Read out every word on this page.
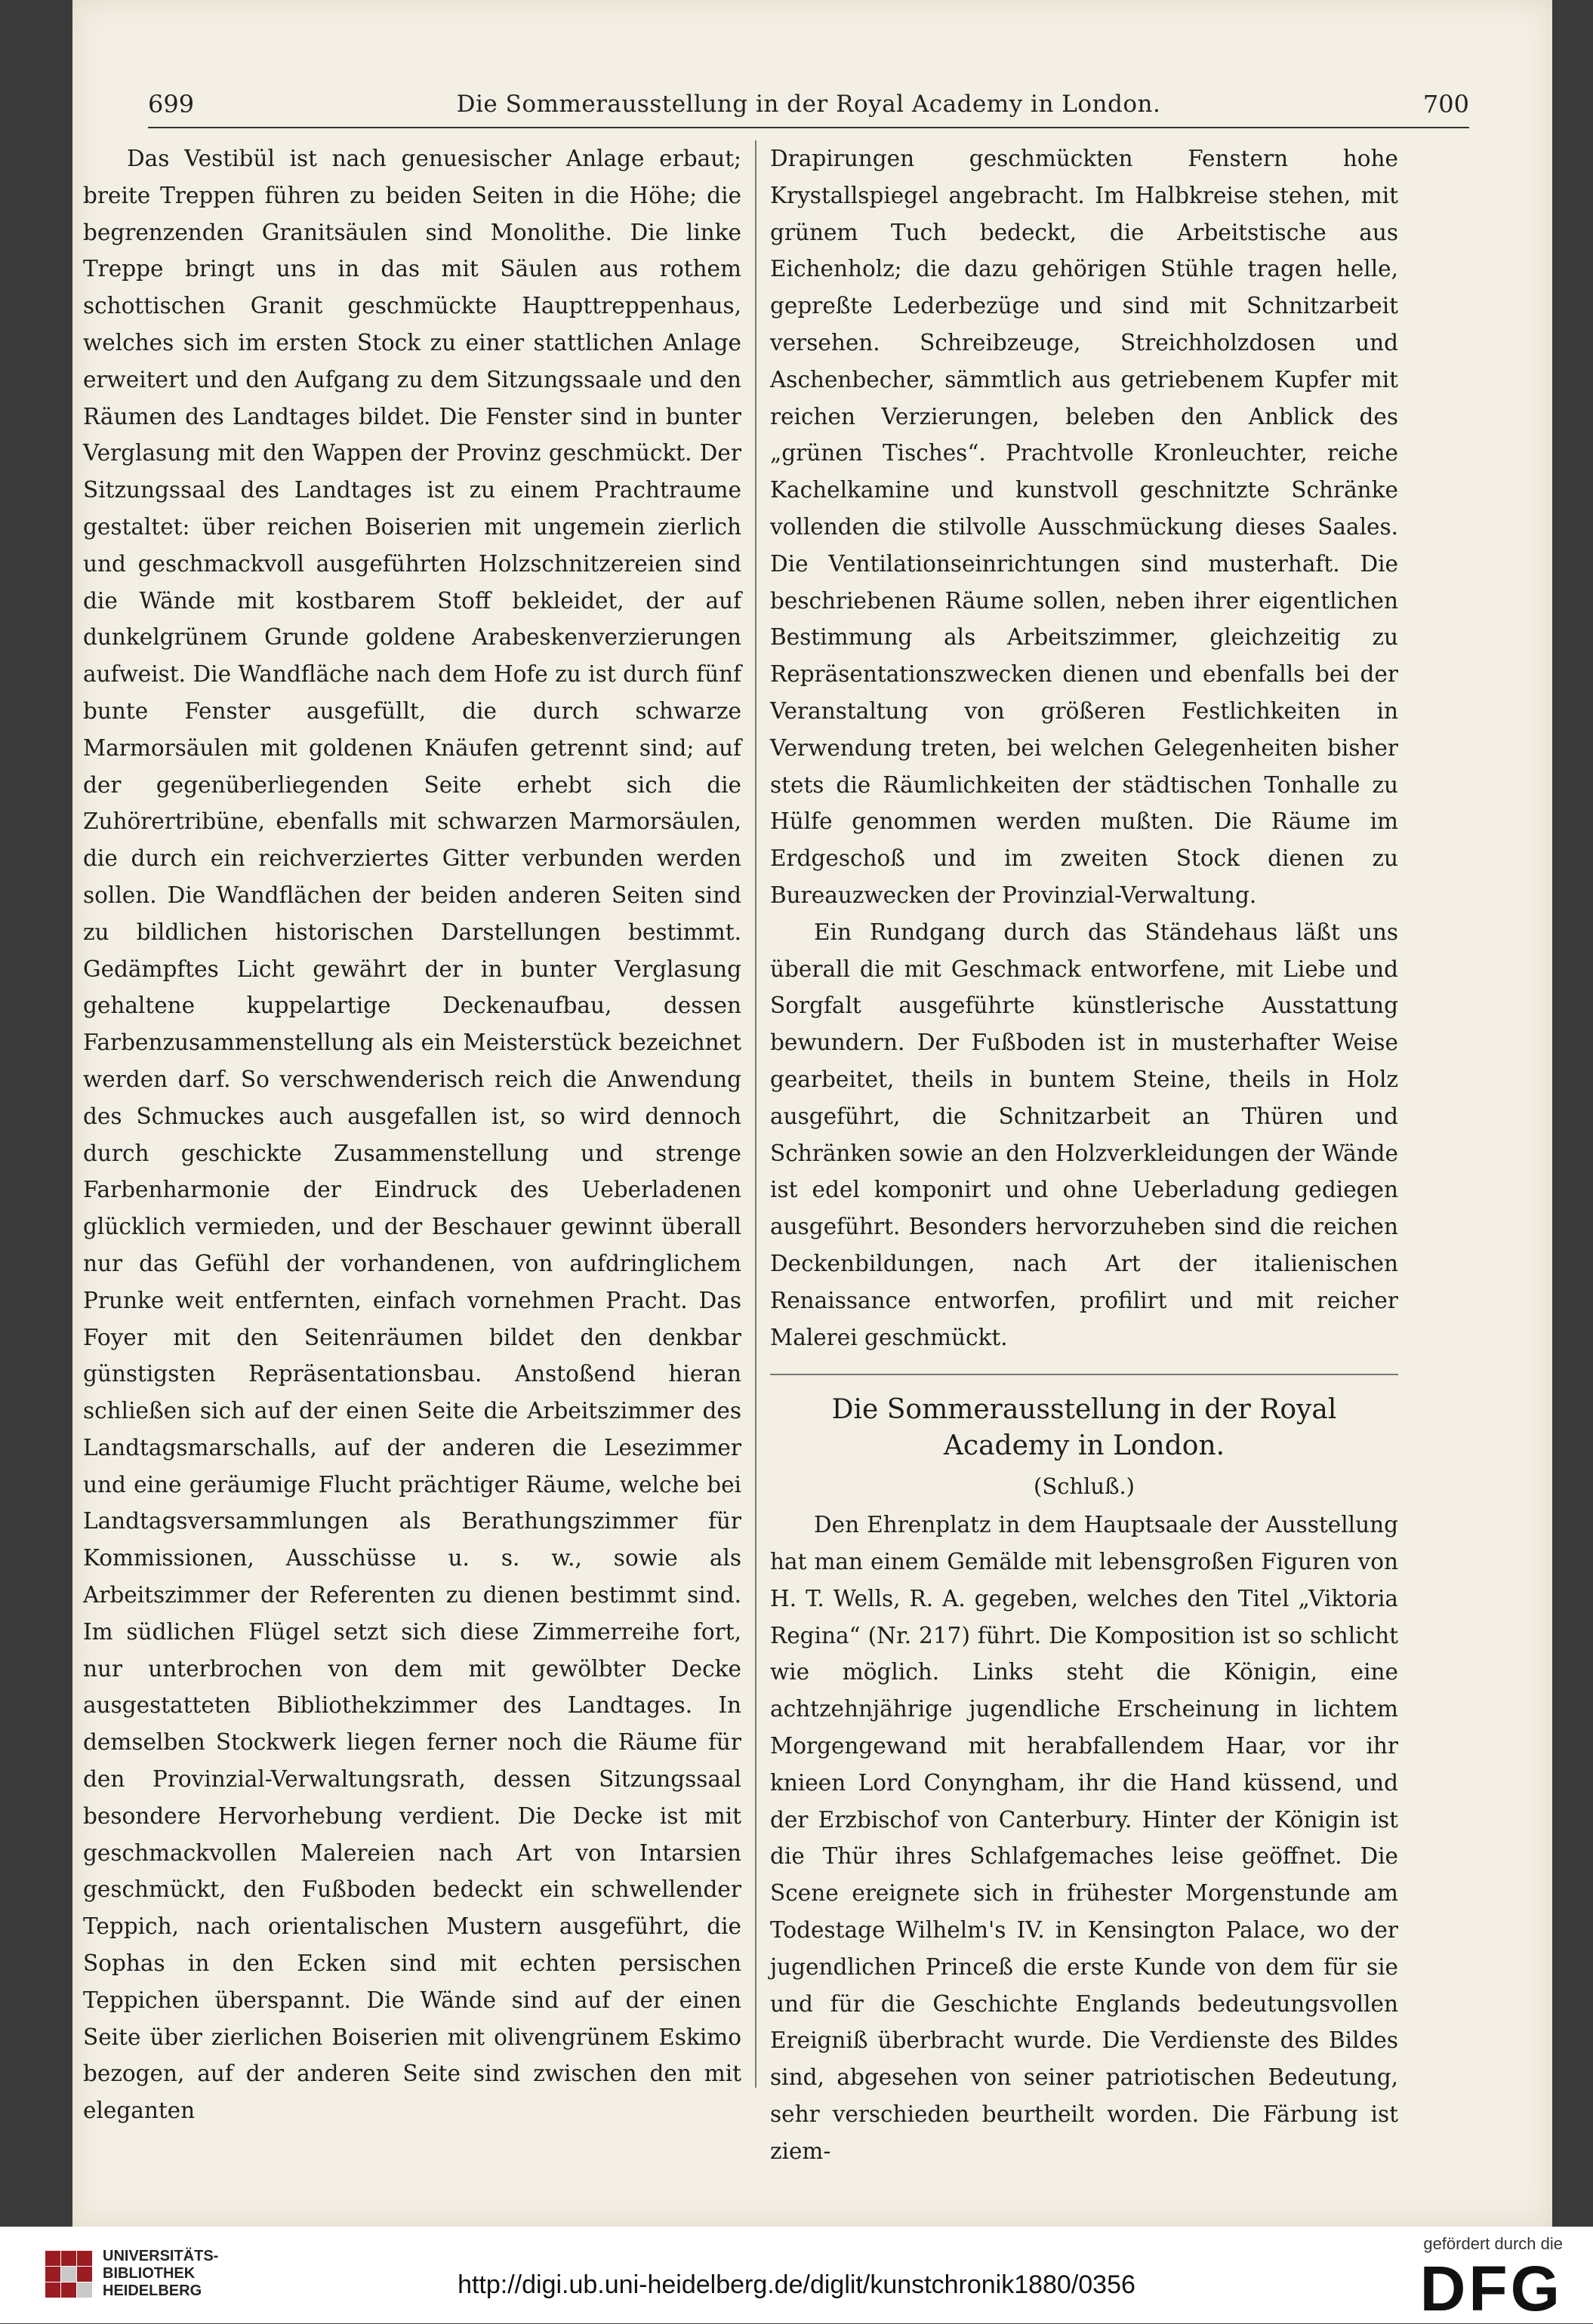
699	Die Sommerausstellung in der Royal Academy in London.	700

Das Vestibül ist nach genuesischer Anlage erbaut; breite Treppen führen zu beiden Seiten in die Höhe; die begrenzenden Granitsäulen sind Monolithe. Die linke Treppe bringt uns in das mit Säulen aus rothem schottischen Granit geschmückte Haupttreppenhaus, welches sich im ersten Stock zu einer stattlichen Anlage erweitert und den Aufgang zu dem Sitzungssaale und den Räumen des Landtages bildet. Die Fenster sind in bunter Verglasung mit den Wappen der Provinz geschmückt. Der Sitzungssaal des Landtages ist zu einem Prachtraume gestaltet: über reichen Boiserien mit ungemein zierlich und geschmackvoll ausgeführten Holzschnitzereien sind die Wände mit kostbarem Stoff bekleidet, der auf dunkelgrünem Grunde goldene Arabeskenverzierungen aufweist. Die Wandfläche nach dem Hofe zu ist durch fünf bunte Fenster ausgefüllt, die durch schwarze Marmorsäulen mit goldenen Knäufen getrennt sind; auf der gegenüberliegenden Seite erhebt sich die Zuhörertribüne, ebenfalls mit schwarzen Marmorsäulen, die durch ein reichverziertes Gitter verbunden werden sollen. Die Wandflächen der beiden anderen Seiten sind zu bildlichen historischen Darstellungen bestimmt. Gedämpftes Licht gewährt der in bunter Verglasung gehaltene kuppelartige Deckenaufbau, dessen Farbenzusammenstellung als ein Meisterstück bezeichnet werden darf. So verschwenderisch reich die Anwendung des Schmuckes auch ausgefallen ist, so wird dennoch durch geschickte Zusammenstellung und strenge Farbenharmonie der Eindruck des Ueberladenen glücklich vermieden, und der Beschauer gewinnt überall nur das Gefühl der vorhandenen, von aufdringlichem Prunke weit entfernten, einfach vornehmen Pracht. Das Foyer mit den Seitenräumen bildet den denkbar günstigsten Repräsentationsbau. Anstoßend hieran schließen sich auf der einen Seite die Arbeitszimmer des Landtagsmarschalls, auf der anderen die Lesezimmer und eine geräumige Flucht prächtiger Räume, welche bei Landtagsversammlungen als Berathungszimmer für Kommissionen, Ausschüsse u. s. w., sowie als Arbeitszimmer der Referenten zu dienen bestimmt sind. Im südlichen Flügel setzt sich diese Zimmerreihe fort, nur unterbrochen von dem mit gewölbter Decke ausgestatteten Bibliothekzimmer des Landtages. In demselben Stockwerk liegen ferner noch die Räume für den Provinzial-Verwaltungsrath, dessen Sitzungssaal besondere Hervorhebung verdient. Die Decke ist mit geschmackvollen Malereien nach Art von Intarsien geschmückt, den Fußboden bedeckt ein schwellender Teppich, nach orientalischen Mustern ausgeführt, die Sophas in den Ecken sind mit echten persischen Teppichen überspannt. Die Wände sind auf der einen Seite über zierlichen Boiserien mit olivengrünem Eskimo bezogen, auf der anderen Seite sind zwischen den mit eleganten

Drapirungen geschmückten Fenstern hohe Krystallspiegel angebracht. Im Halbkreise stehen, mit grünem Tuch bedeckt, die Arbeitstische aus Eichenholz; die dazu gehörigen Stühle tragen helle, gepreßte Lederbezüge und sind mit Schnitzarbeit versehen. Schreibzeuge, Streichholzdosen und Aschenbecher, sämmtlich aus getriebenem Kupfer mit reichen Verzierungen, beleben den Anblick des „grünen Tisches“. Prachtvolle Kronleuchter, reiche Kachelkamine und kunstvoll geschnitzte Schränke vollenden die stilvolle Ausschmückung dieses Saales. Die Ventilationseinrichtungen sind musterhaft. Die beschriebenen Räume sollen, neben ihrer eigentlichen Bestimmung als Arbeitszimmer, gleichzeitig zu Repräsentationszwecken dienen und ebenfalls bei der Veranstaltung von größeren Festlichkeiten in Verwendung treten, bei welchen Gelegenheiten bisher stets die Räumlichkeiten der städtischen Tonhalle zu Hülfe genommen werden mußten. Die Räume im Erdgeschoß und im zweiten Stock dienen zu Bureauzwecken der Provinzial-Verwaltung.

Ein Rundgang durch das Ständehaus läßt uns überall die mit Geschmack entworfene, mit Liebe und Sorgfalt ausgeführte künstlerische Ausstattung bewundern. Der Fußboden ist in musterhafter Weise gearbeitet, theils in buntem Steine, theils in Holz ausgeführt, die Schnitzarbeit an Thüren und Schränken sowie an den Holzverkleidungen der Wände ist edel komponirt und ohne Ueberladung gediegen ausgeführt. Besonders hervorzuheben sind die reichen Deckenbildungen, nach Art der italienischen Renaissance entworfen, profilirt und mit reicher Malerei geschmückt.

Die Sommerausstellung in der Royal Academy in London.
(Schluß.)

Den Ehrenplatz in dem Hauptsaale der Ausstellung hat man einem Gemälde mit lebensgroßen Figuren von H. T. Wells, R. A. gegeben, welches den Titel „Viktoria Regina“ (Nr. 217) führt. Die Komposition ist so schlicht wie möglich. Links steht die Königin, eine achtzehnjährige jugendliche Erscheinung in lichtem Morgengewand mit herabfallendem Haar, vor ihr knieen Lord Conyngham, ihr die Hand küssend, und der Erzbischof von Canterbury. Hinter der Königin ist die Thür ihres Schlafgemaches leise geöffnet. Die Scene ereignete sich in frühester Morgenstunde am Todestage Wilhelm's IV. in Kensington Palace, wo der jugendlichen Princeß die erste Kunde von dem für sie und für die Geschichte Englands bedeutungsvollen Ereigniß überbracht wurde. Die Verdienste des Bildes sind, abgesehen von seiner patriotischen Bedeutung, sehr verschieden beurtheilt worden. Die Färbung ist ziem-

UNIVERSITÄTS-
BIBLIOTHEK
HEIDELBERG	http://digi.ub.uni-heidelberg.de/diglit/kunstchronik1880/0356
gefördert durch die
DFG
